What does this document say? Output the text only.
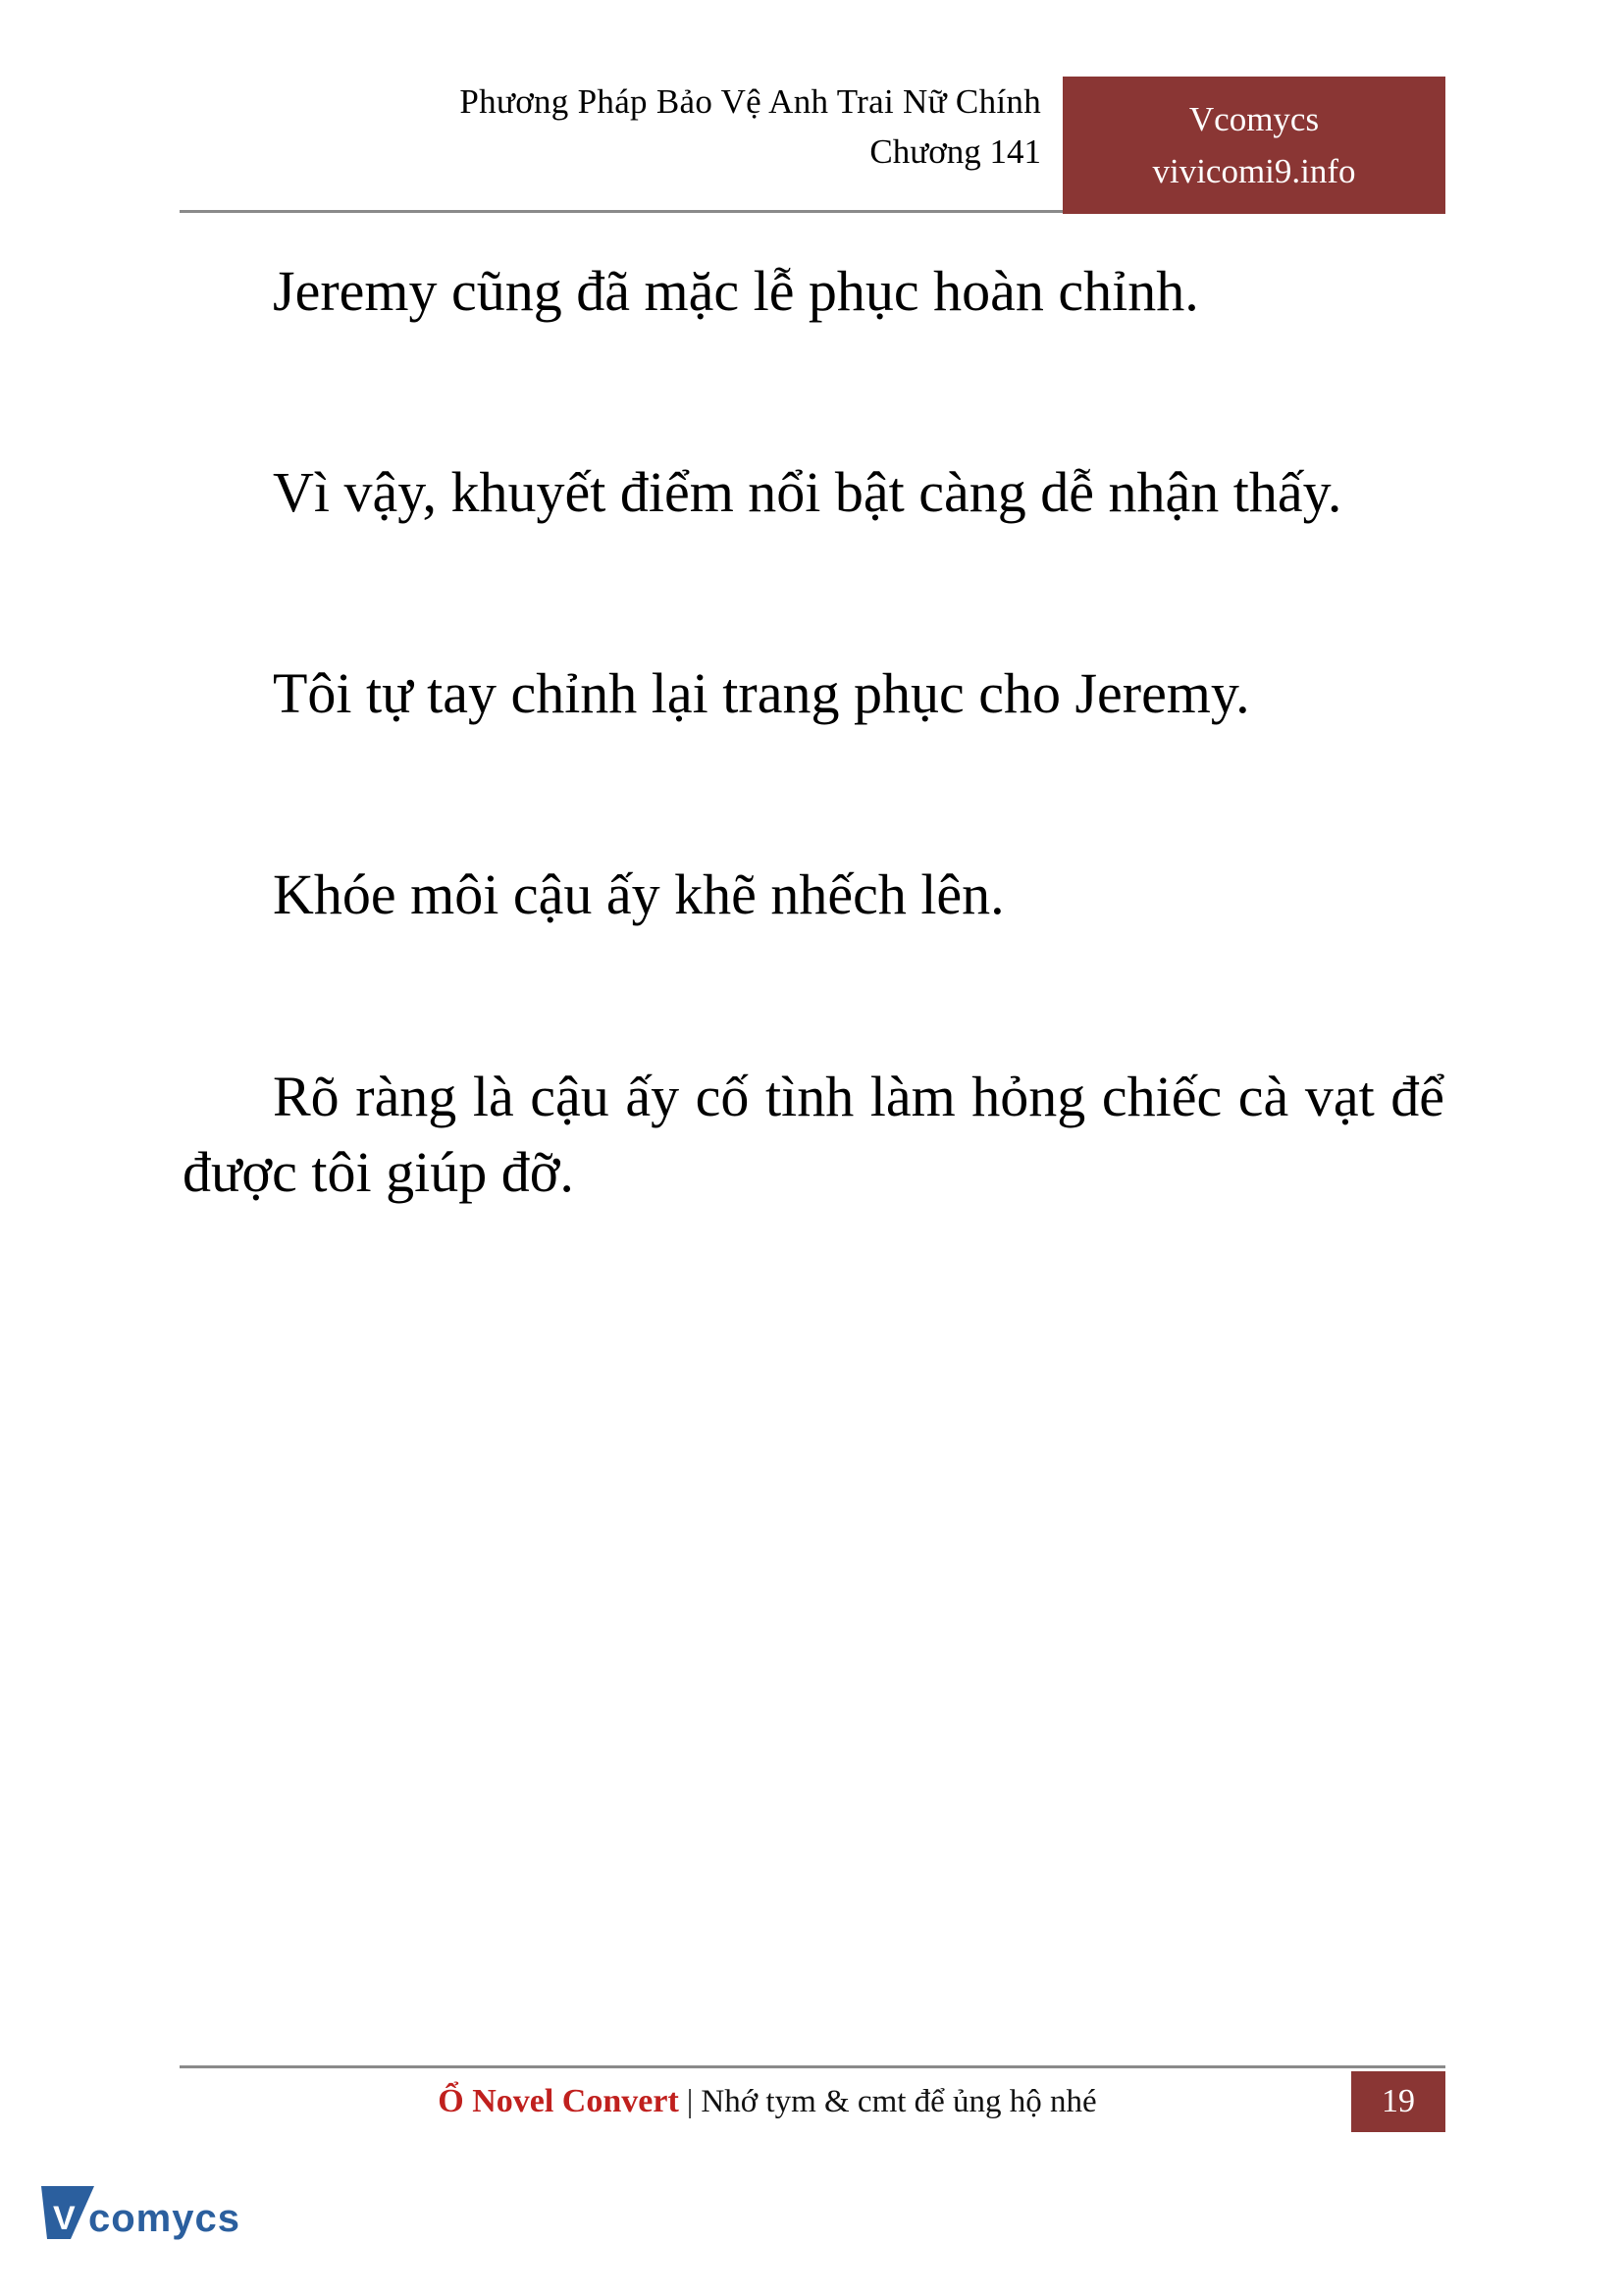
Phương Pháp Bảo Vệ Anh Trai Nữ Chính
Chương 141
Vcomycs
vivicomi9.info

Jeremy cũng đã mặc lễ phục hoàn chỉnh.

Vì vậy, khuyết điểm nổi bật càng dễ nhận thấy.

Tôi tự tay chỉnh lại trang phục cho Jeremy.

Khóe môi cậu ấy khẽ nhếch lên.

Rõ ràng là cậu ấy cố tình làm hỏng chiếc cà vạt để được tôi giúp đỡ.

Ổ Novel Convert | Nhớ tym & cmt để ủng hộ nhé	19
V comycs
